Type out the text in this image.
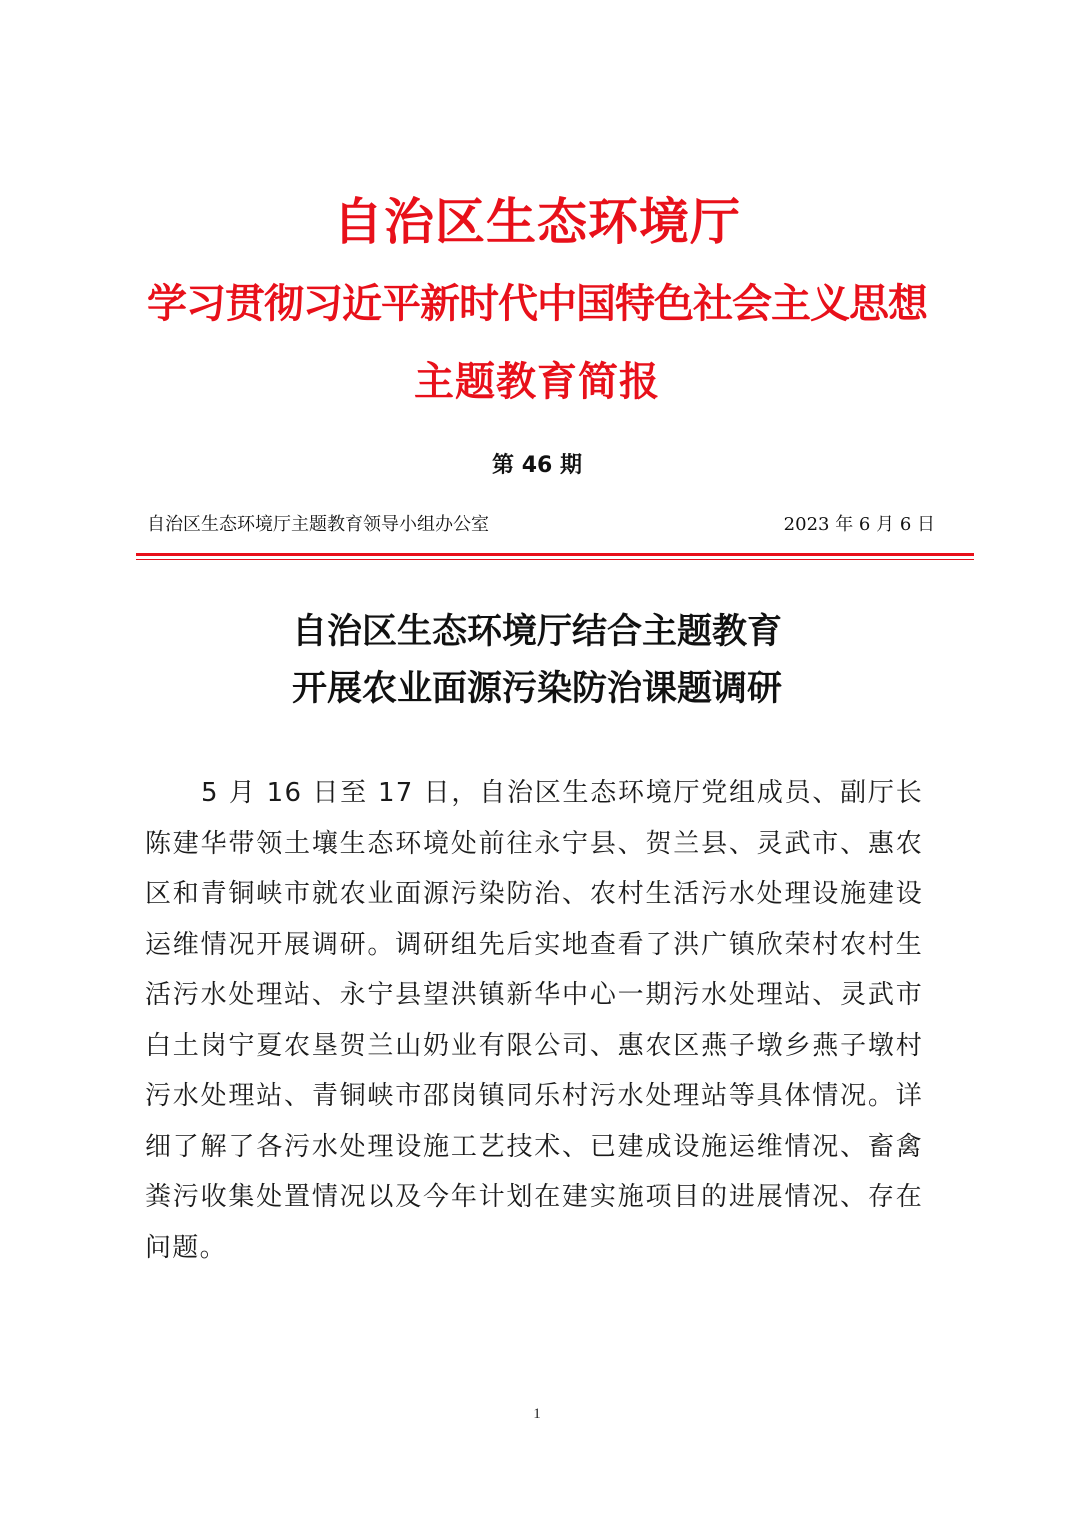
自治区生态环境厅
学习贯彻习近平新时代中国特色社会主义思想
主题教育简报
第 46 期
自治区生态环境厅主题教育领导小组办公室	2023 年 6 月 6 日
自治区生态环境厅结合主题教育
开展农业面源污染防治课题调研

5 月 16 日至 17 日，自治区生态环境厅党组成员、副厅长陈建华带领土壤生态环境处前往永宁县、贺兰县、灵武市、惠农区和青铜峡市就农业面源污染防治、农村生活污水处理设施建设运维情况开展调研。调研组先后实地查看了洪广镇欣荣村农村生活污水处理站、永宁县望洪镇新华中心一期污水处理站、灵武市白土岗宁夏农垦贺兰山奶业有限公司、惠农区燕子墩乡燕子墩村污水处理站、青铜峡市邵岗镇同乐村污水处理站等具体情况。详细了解了各污水处理设施工艺技术、已建成设施运维情况、畜禽粪污收集处置情况以及今年计划在建实施项目的进展情况、存在问题。

1
